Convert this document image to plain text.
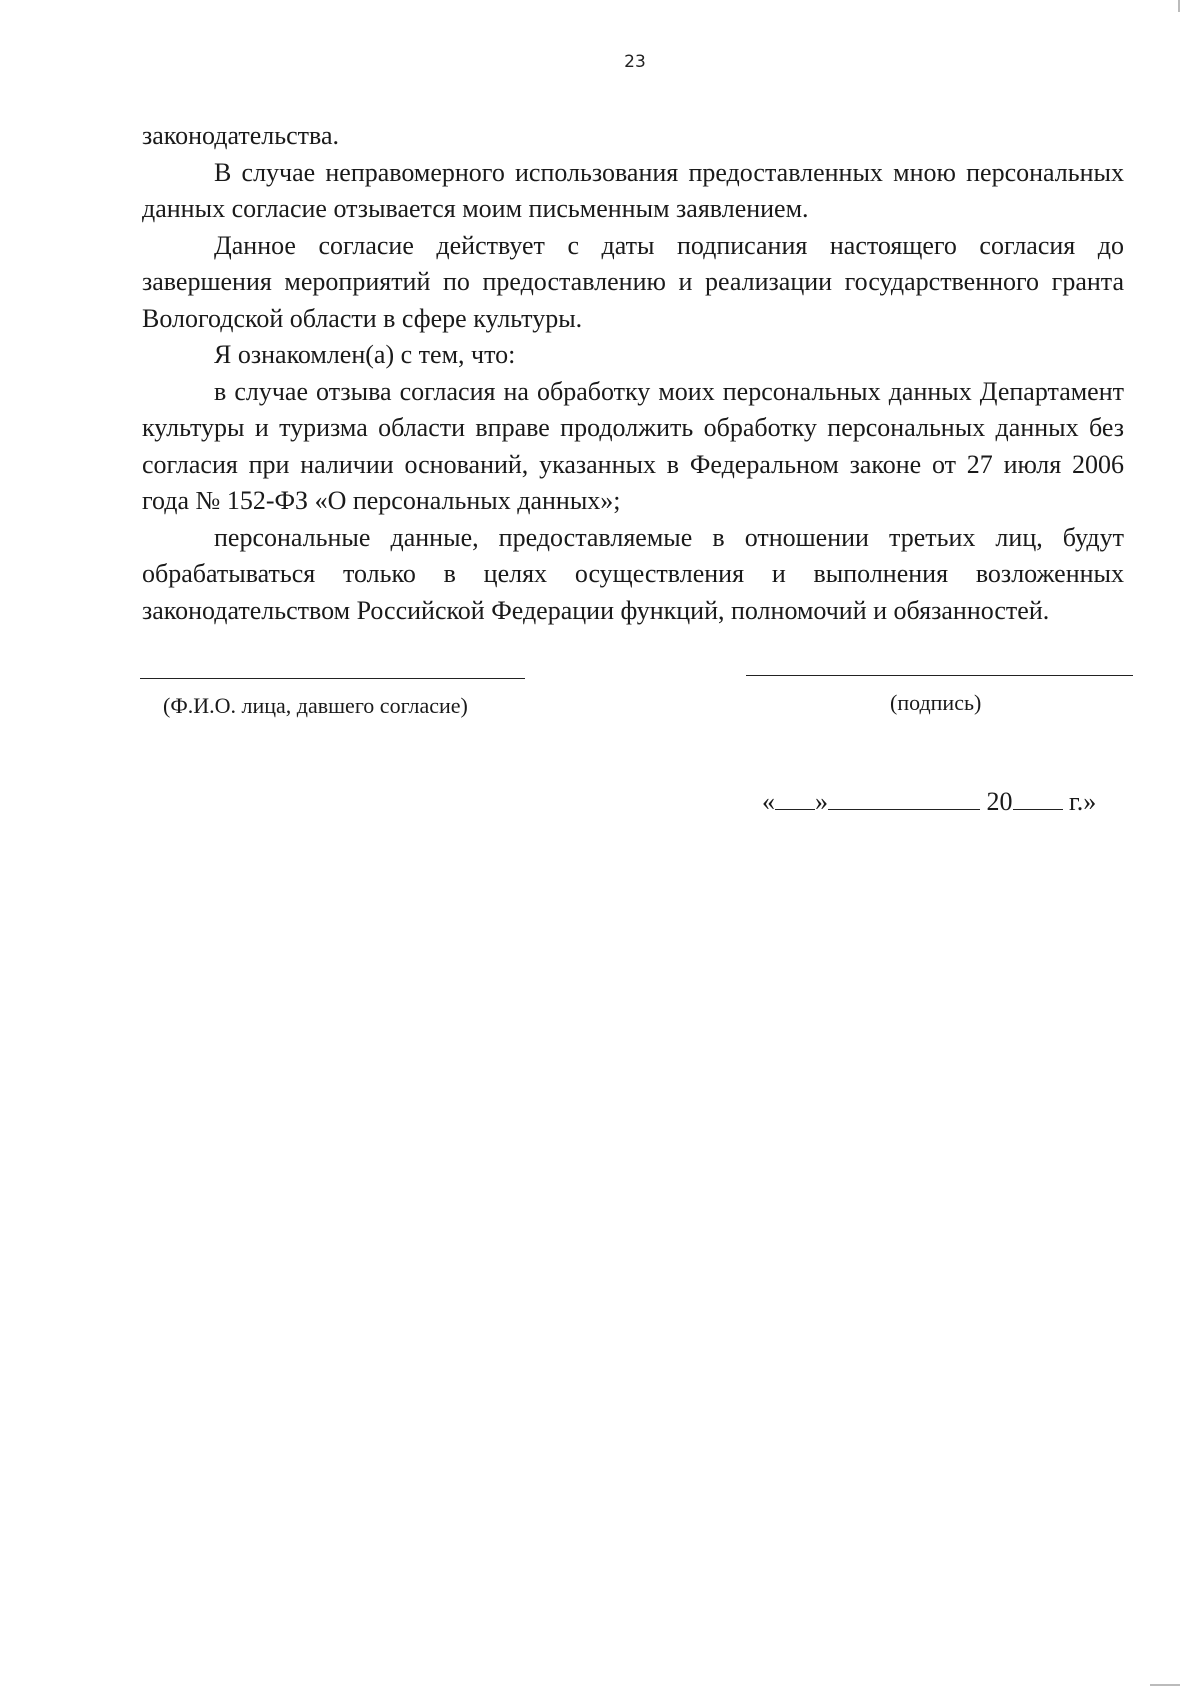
23

законодательства.

В случае неправомерного использования предоставленных мною персональных данных согласие отзывается моим письменным заявлением.

Данное согласие действует с даты подписания настоящего согласия до завершения мероприятий по предоставлению и реализации государственного гранта Вологодской области в сфере культуры.

Я ознакомлен(а) с тем, что:

в случае отзыва согласия на обработку моих персональных данных Департамент культуры и туризма области вправе продолжить обработку персональных данных без согласия при наличии оснований, указанных в Федеральном законе от 27 июля 2006 года № 152-ФЗ «О персональных данных»;

персональные данные, предоставляемые в отношении третьих лиц, будут обрабатываться только в целях осуществления и выполнения возложенных законодательством Российской Федерации функций, полномочий и обязанностей.

(Ф.И.О. лица, давшего согласие)	(подпись)
« »	20 г.»
